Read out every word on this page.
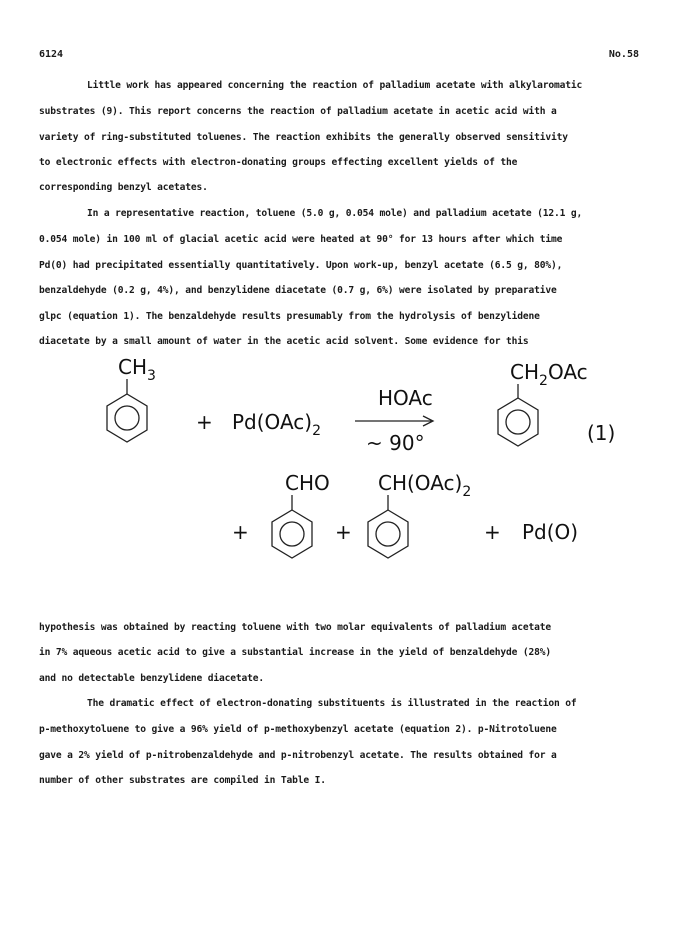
6124	No.58
Little work has appeared concerning the reaction of palladium acetate with alkylaromatic
substrates (9). This report concerns the reaction of palladium acetate in acetic acid with a
variety of ring-substituted toluenes. The reaction exhibits the generally observed sensitivity
to electronic effects with electron-donating groups effecting excellent yields of the
corresponding benzyl acetates.
In a representative reaction, toluene (5.0 g, 0.054 mole) and palladium acetate (12.1 g,
0.054 mole) in 100 ml of glacial acetic acid were heated at 90° for 13 hours after which time
Pd(0) had precipitated essentially quantitatively. Upon work-up, benzyl acetate (6.5 g, 80%),
benzaldehyde (0.2 g, 4%), and benzylidene diacetate (0.7 g, 6%) were isolated by preparative
glpc (equation 1). The benzaldehyde results presumably from the hydrolysis of benzylidene
diacetate by a small amount of water in the acetic acid solvent. Some evidence for this
$CH_3$
+ $Pd(OAc)_2$
HOAc
~ 90°
$CH_2OAc$
(1)
+
CHO
+
$CH(OAc)_2$
+ Pd(O)
hypothesis was obtained by reacting toluene with two molar equivalents of palladium acetate
in 7% aqueous acetic acid to give a substantial increase in the yield of benzaldehyde (28%)
and no detectable benzylidene diacetate.
The dramatic effect of electron-donating substituents is illustrated in the reaction of
p-methoxytoluene to give a 96% yield of p-methoxybenzyl acetate (equation 2). p-Nitrotoluene
gave a 2% yield of p-nitrobenzaldehyde and p-nitrobenzyl acetate. The results obtained for a
number of other substrates are compiled in Table I.
